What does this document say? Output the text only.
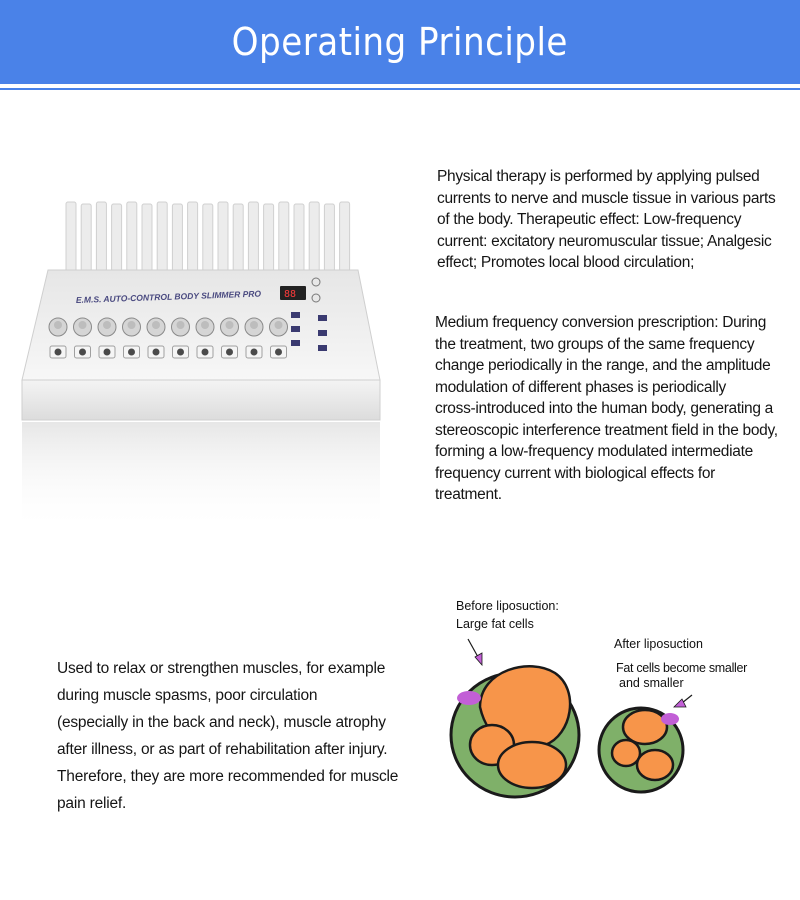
Operating Principle
Physical therapy is performed by applying pulsed
currents to nerve and muscle tissue in various parts
of the body. Therapeutic effect: Low-frequency
current: excitatory neuromuscular tissue; Analgesic
effect; Promotes local blood circulation;
Medium frequency conversion prescription: During
the treatment, two groups of the same frequency
change periodically in the range, and the amplitude
modulation of different phases is periodically
cross-introduced into the human body, generating a
stereoscopic interference treatment field in the body,
forming a low-frequency modulated intermediate
frequency current with biological effects for treatment.
Used to relax or strengthen muscles, for example
during muscle spasms, poor circulation
(especially in the back and neck), muscle atrophy
after illness, or as part of rehabilitation after injury.
Therefore, they are more recommended for muscle
pain relief.
E.M.S. AUTO-CONTROL BODY SLIMMER PRO 88
Before liposuction:
Large fat cells
After liposuction
Fat cells become smaller
and smaller
